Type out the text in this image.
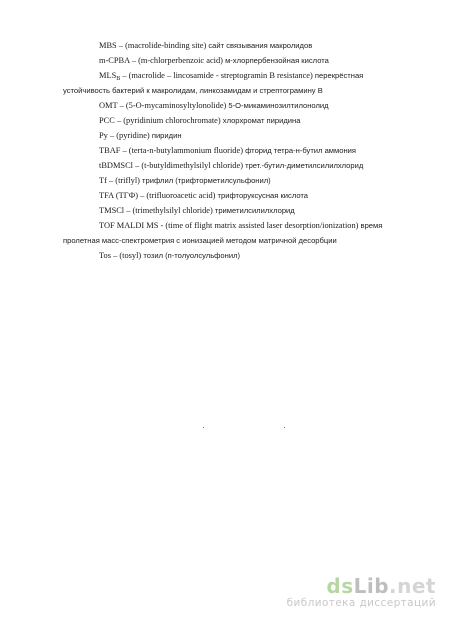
MBS – (macrolide-binding site) сайт связывания макролидов
m-CPBA – (m-chlorperbenzoic acid) м-хлорпербензойная кислота
$MLS_B$ – (macrolide – lincosamide - streptogramin B resistance) перекрёстная
устойчивость бактерий к макролидам, линкозамидам и стрептограмину В
OMT – (5-O-mycaminosyltylonolide) 5-О-микаминозилтилонолид
PCC – (pyridinium chlorochromate) хлорхромат пиридина
Py – (pyridine) пиридин
TBAF – (terta-n-butylammonium fluoride) фторид тетра-н-бутил аммония
tBDMSCl – (t-butyldimethylsilyl chloride) трет.-бутил-диметилсилилхлорид
Tf – (triflyl) трифлил (трифторметилсульфонил)
TFA (ТГФ) – (trifluoroacetic acid) трифторуксусная кислота
TMSCl – (trimethylsilyl chloride) триметилсилилхлорид
TOF MALDI MS - (time of flight matrix assisted laser desorption/ionization) время
пролетная масс-спектрометрия с ионизацией методом матричной десорбции
Tos – (tosyl) тозил (п-толуолсульфонил)
dsLib.net
библиотека диссертаций
